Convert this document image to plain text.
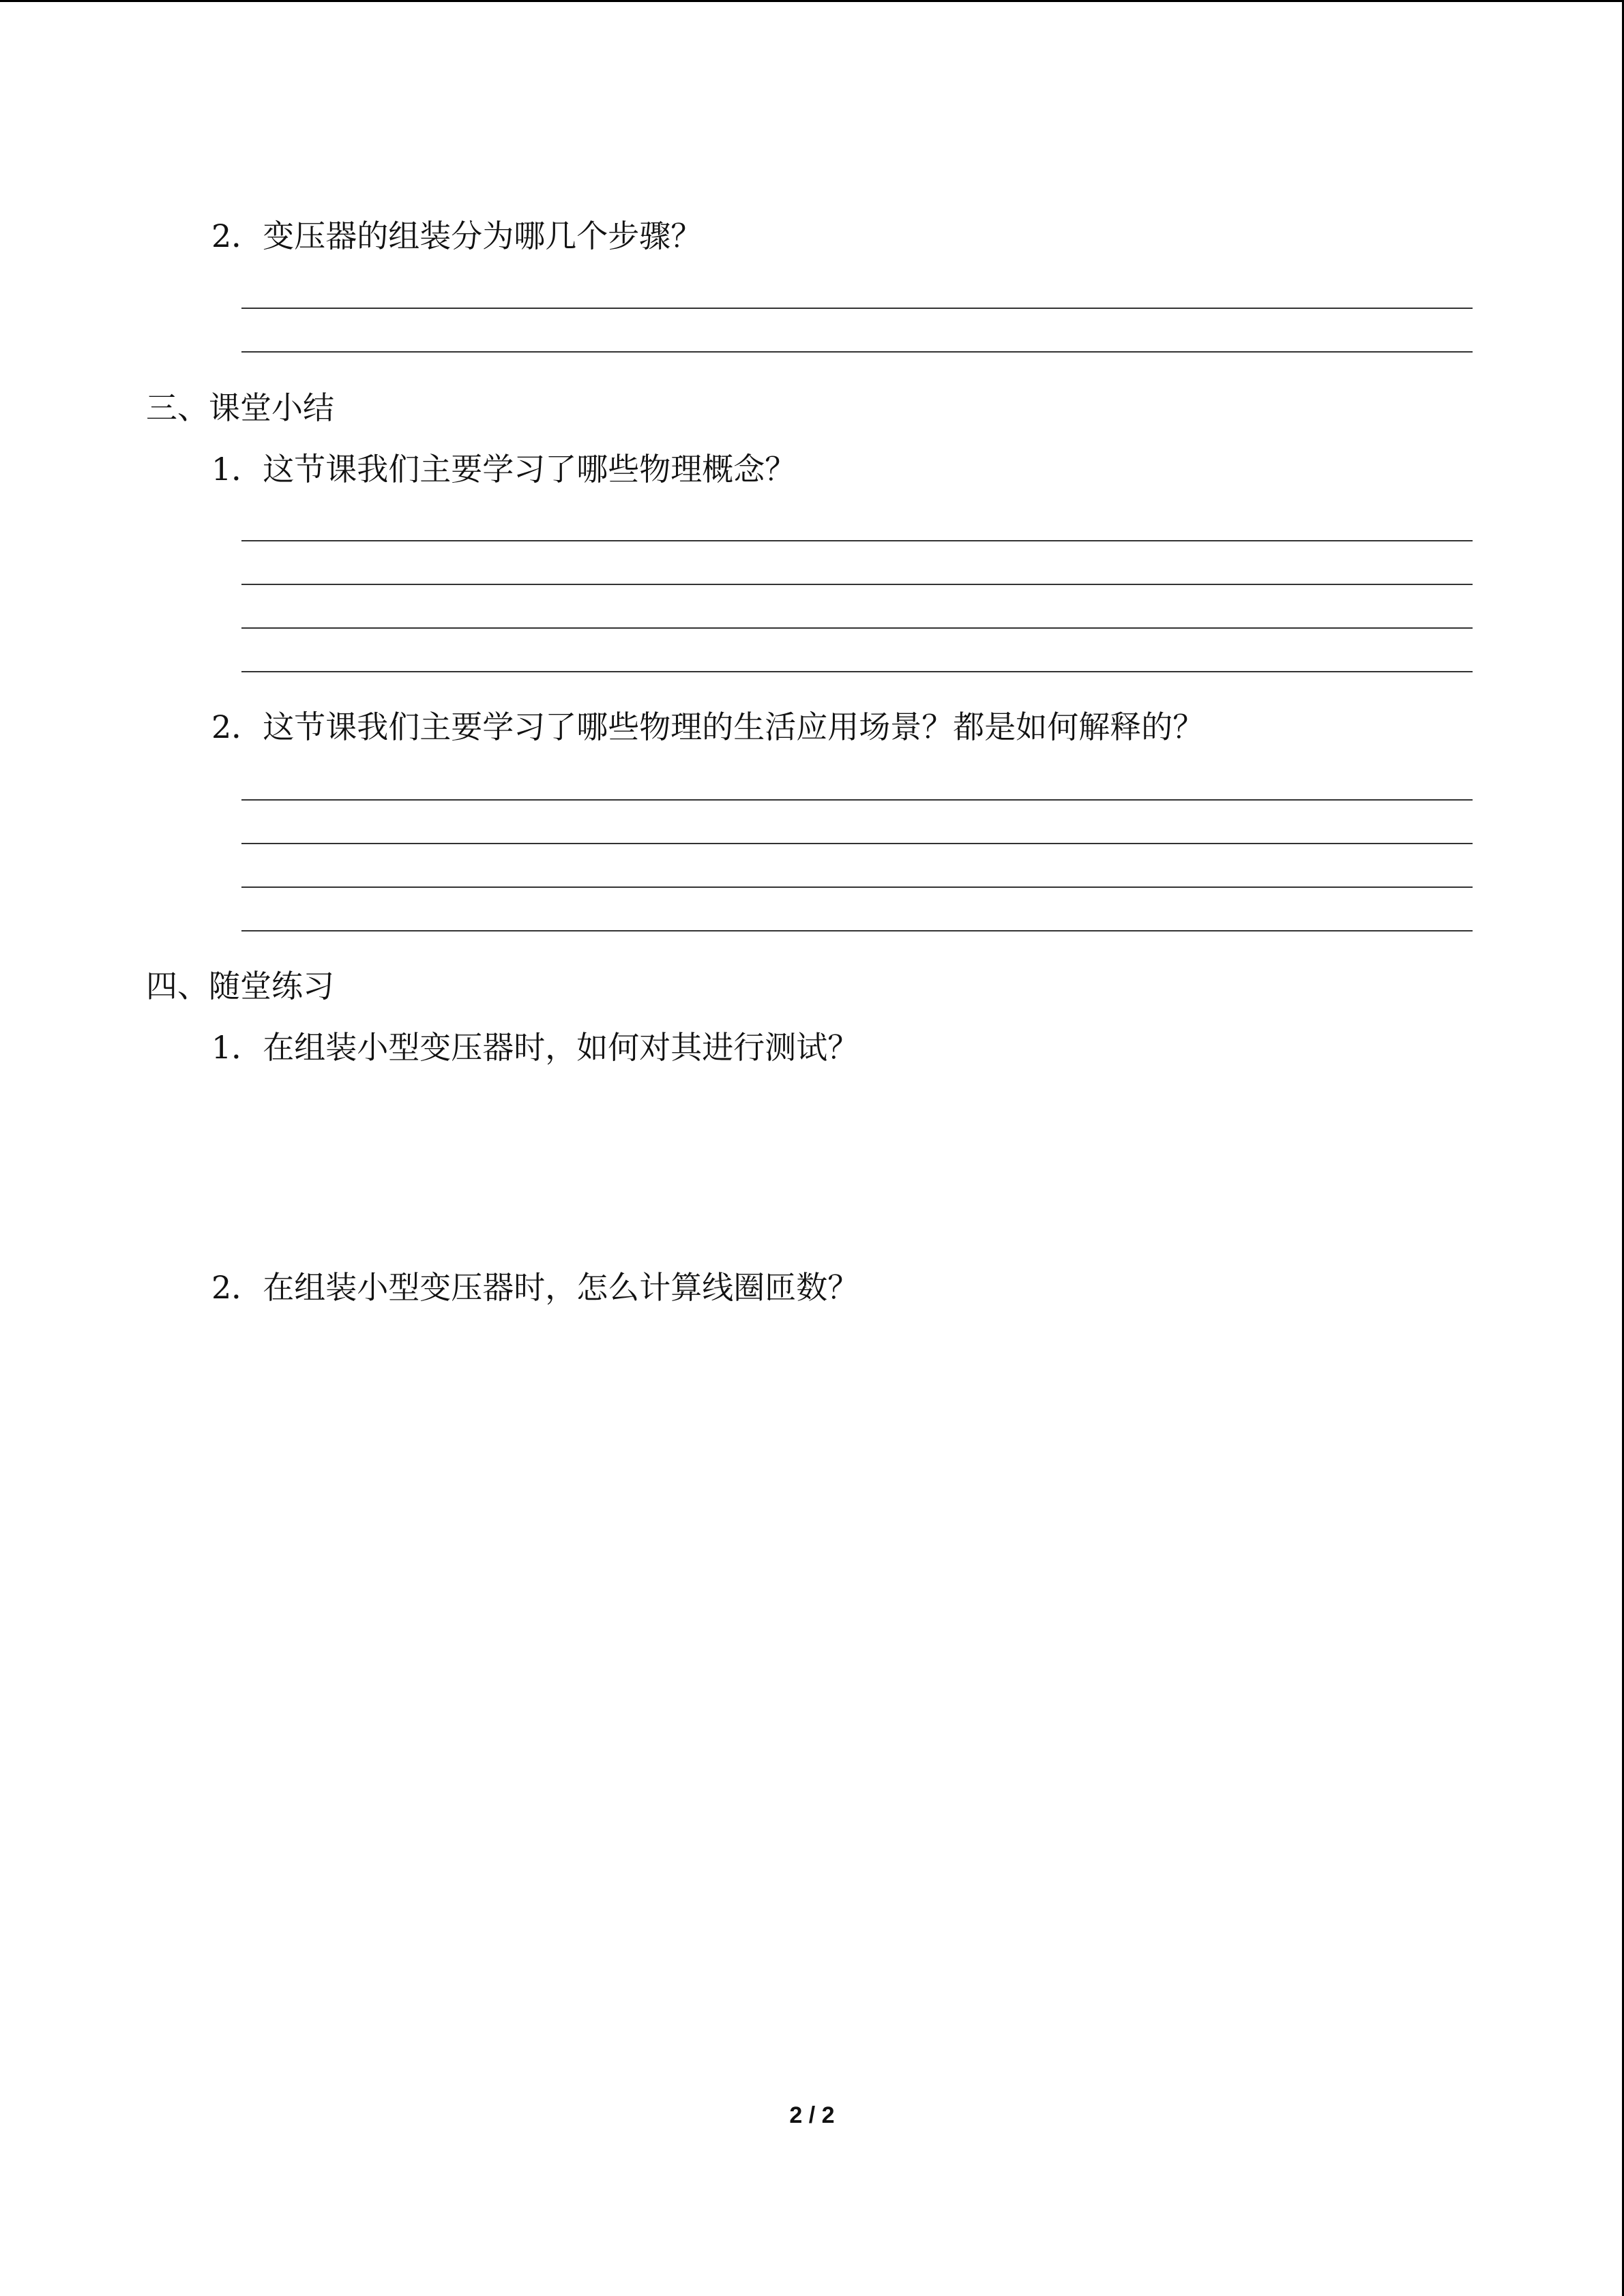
2．变压器的组装分为哪几个步骤？
三、课堂小结
1．这节课我们主要学习了哪些物理概念？
2．这节课我们主要学习了哪些物理的生活应用场景？都是如何解释的？
四、随堂练习
1．在组装小型变压器时，如何对其进行测试？
2．在组装小型变压器时，怎么计算线圈匝数？
2 / 2
